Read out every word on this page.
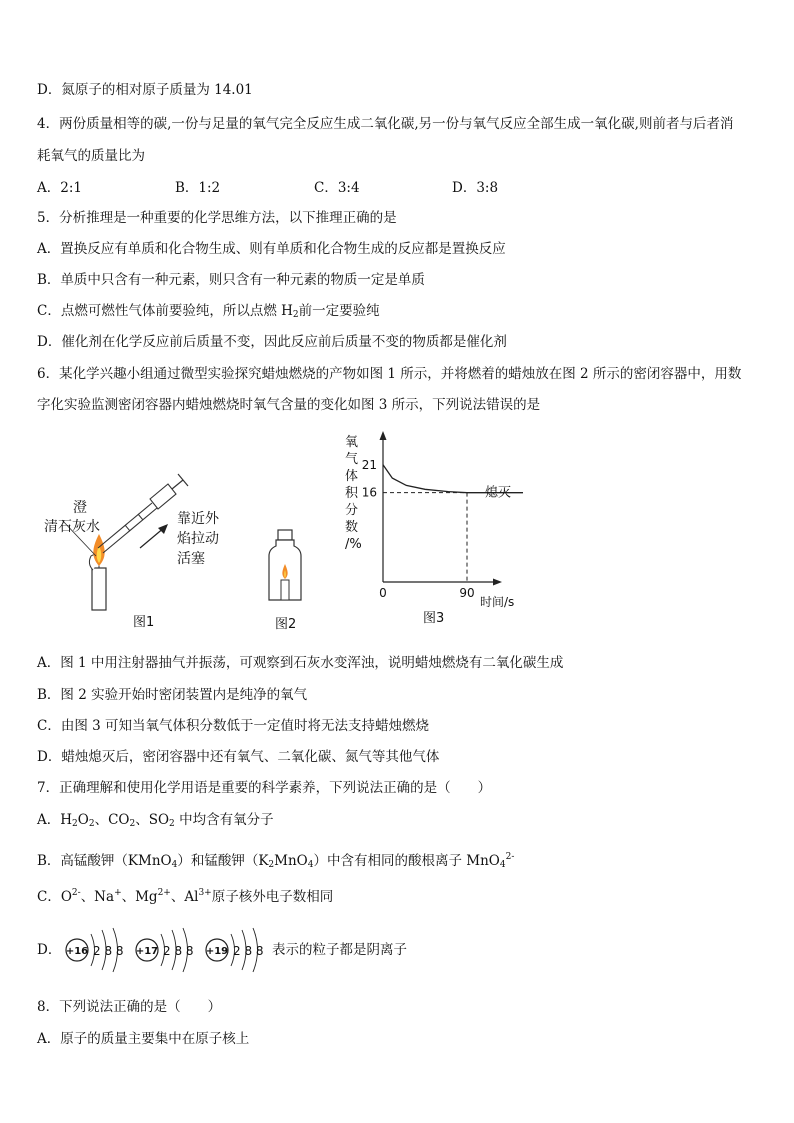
D．氮原子的相对原子质量为 14.01
4．两份质量相等的碳,一份与足量的氧气完全反应生成二氧化碳,另一份与氧气反应全部生成一氧化碳,则前者与后者消
耗氧气的质量比为
A．2:1	B．1:2	C．3:4	D．3:8
5．分析推理是一种重要的化学思维方法，以下推理正确的是
A．置换反应有单质和化合物生成、则有单质和化合物生成的反应都是置换反应
B．单质中只含有一种元素，则只含有一种元素的物质一定是单质
C．点燃可燃性气体前要验纯，所以点燃 $H_2$前一定要验纯
D．催化剂在化学反应前后质量不变，因此反应前后质量不变的物质都是催化剂
6．某化学兴趣小组通过微型实验探究蜡烛燃烧的产物如图 1 所示，并将燃着的蜡烛放在图 2 所示的密闭容器中，用数
字化实验监测密闭容器内蜡烛燃烧时氧气含量的变化如图 3 所示，下列说法错误的是
澄
清石灰水	靠近外
焰拉动
活塞
图1	图2
氧
气
体
积
分
数
/%
21
16
0	90
熄灭
时间/s
图3
A．图 1 中用注射器抽气并振荡，可观察到石灰水变浑浊，说明蜡烛燃烧有二氧化碳生成
B．图 2 实验开始时密闭装置内是纯净的氧气
C．由图 3 可知当氧气体积分数低于一定值时将无法支持蜡烛燃烧
D．蜡烛熄灭后，密闭容器中还有氧气、二氧化碳、氮气等其他气体
7．正确理解和使用化学用语是重要的科学素养，下列说法正确的是（　　）
A．$H_2O_2$、$CO_2$、$SO_2$ 中均含有氧分子
B．高锰酸钾（KMnO$_4$）和锰酸钾$(K_2MnO_4)$中含有相同的酸根离子 MnO$_4^{2-}$
C．$O^{2-}$、Na+、$Mg^{2+}$、$Al^{3+}$原子核外电子数相同
D． +16 2 8 8 +17 2 8 8 +19 2 8 8 表示的粒子都是阴离子
8．下列说法正确的是（　　）
A．原子的质量主要集中在原子核上
